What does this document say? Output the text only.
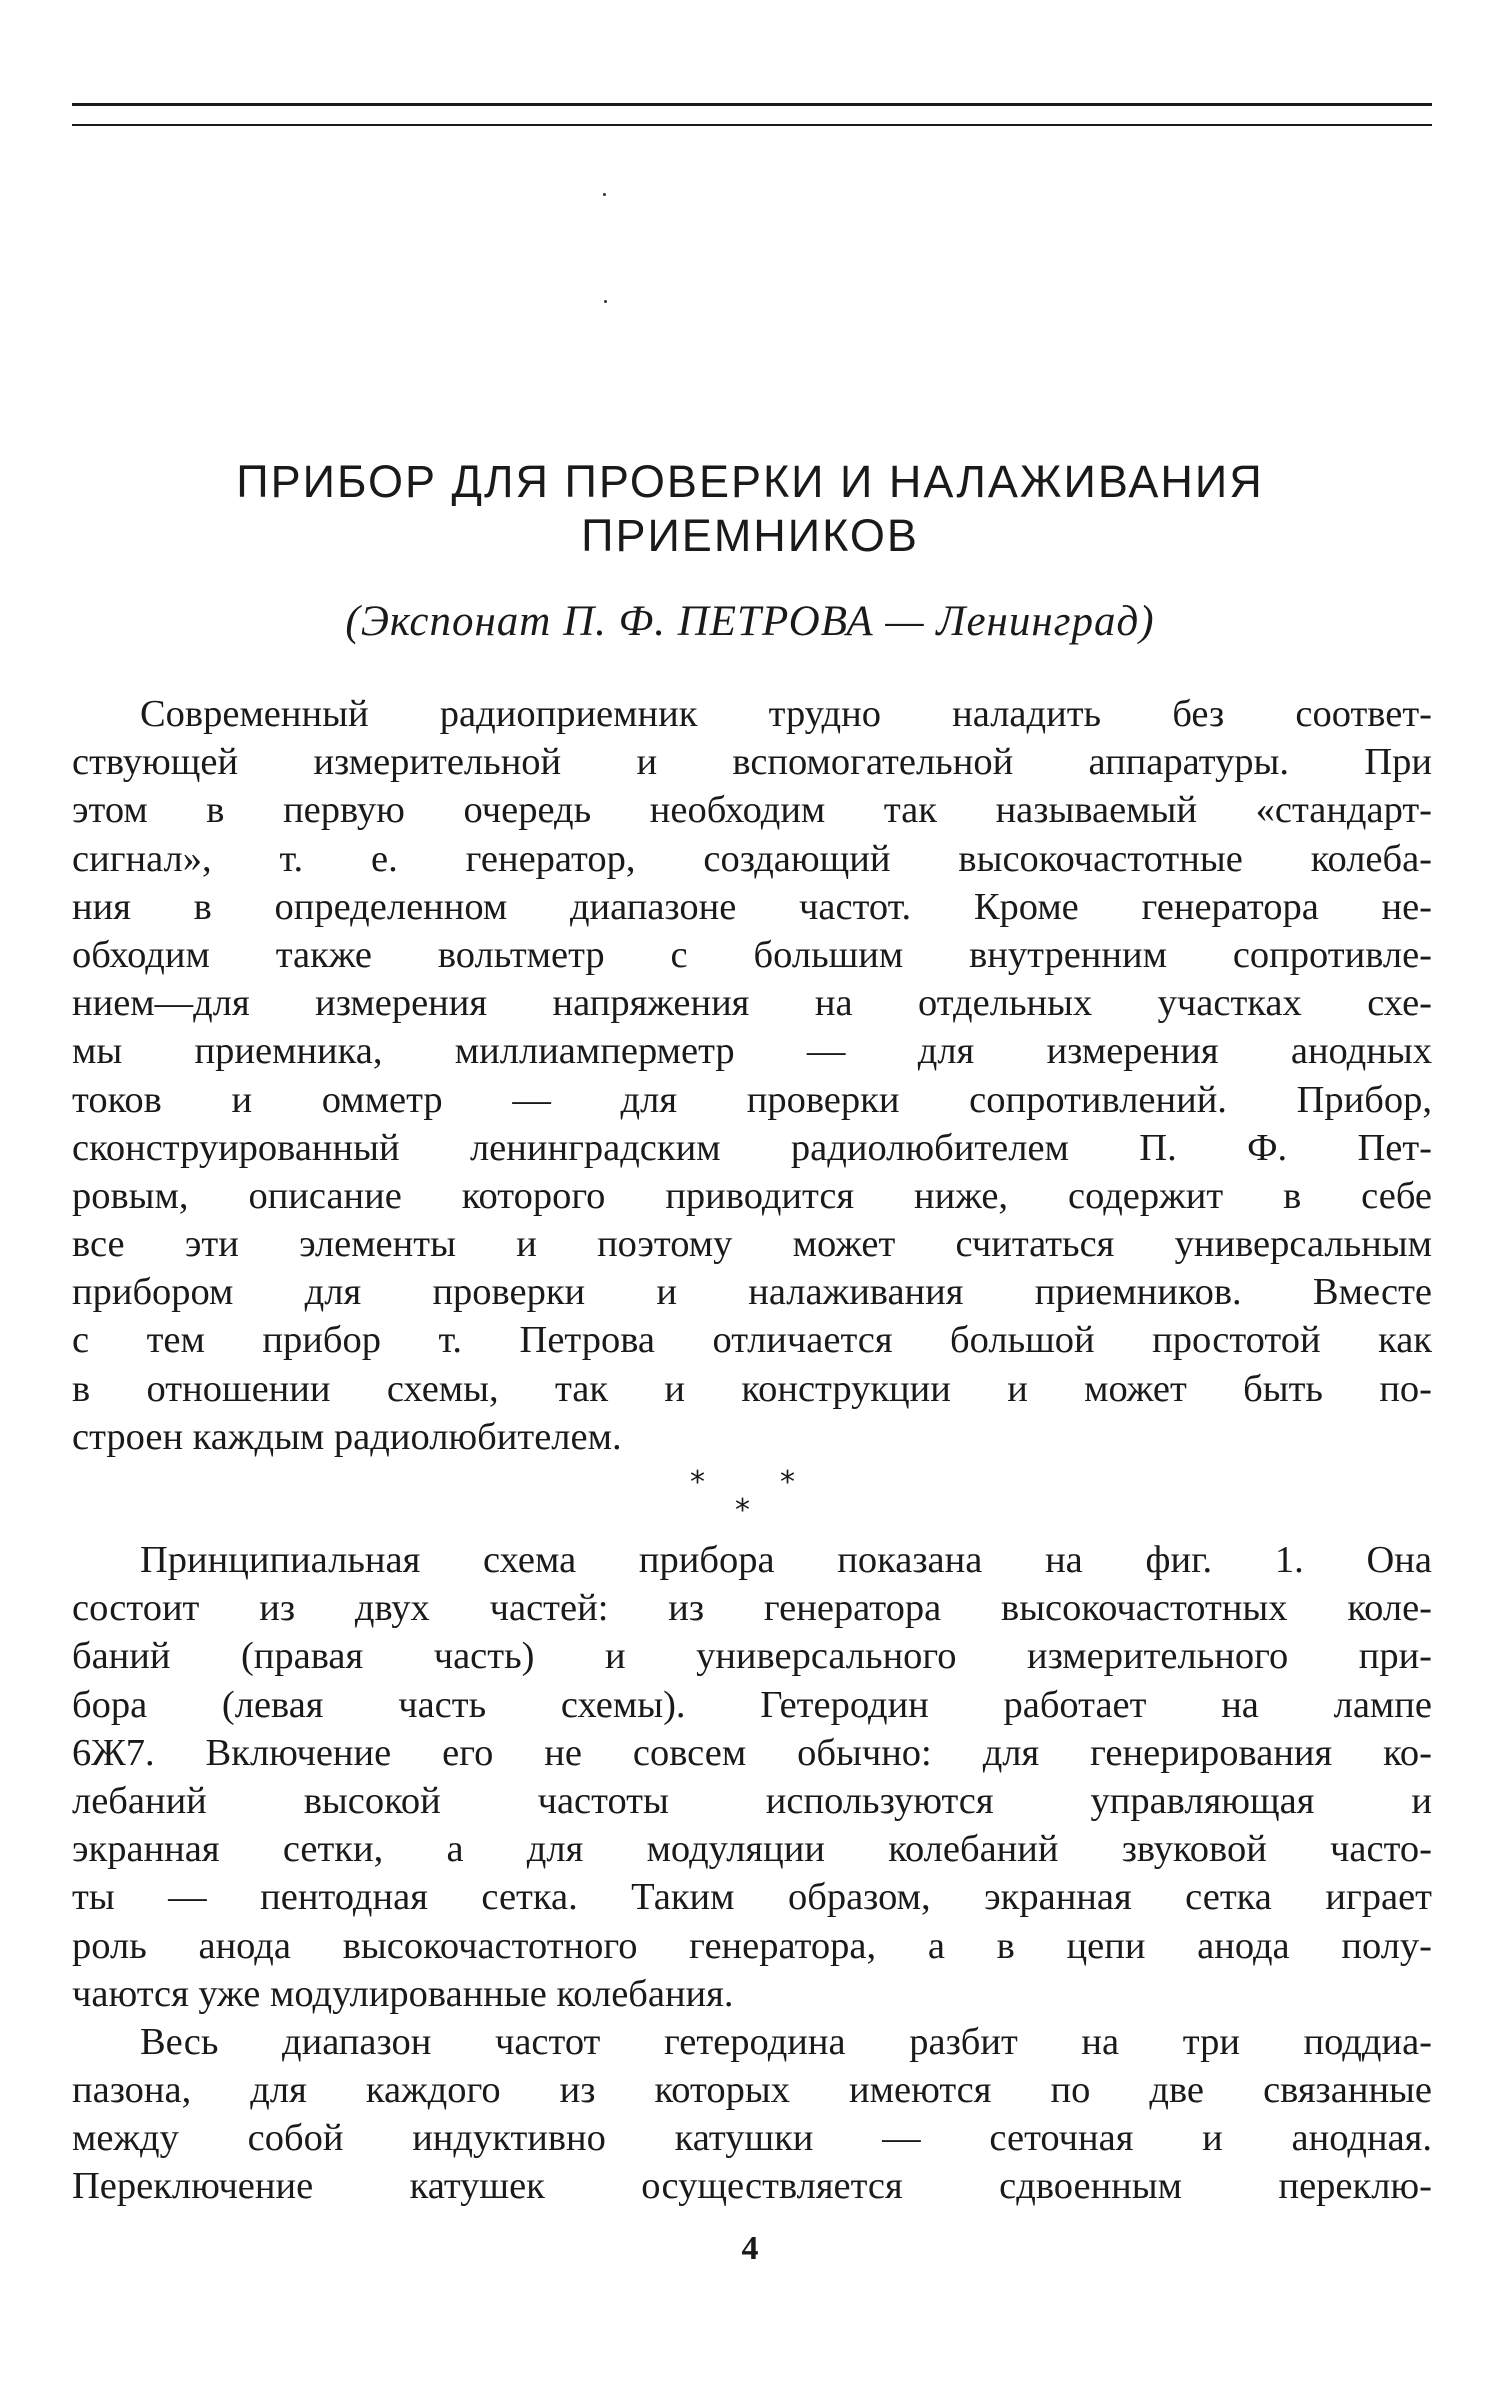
ПРИБОР ДЛЯ ПРОВЕРКИ И НАЛАЖИВАНИЯ
ПРИЕМНИКОВ

(Экспонат П. Ф. ПЕТРОВА — Ленинград)

Современный радиоприемник трудно наладить без соответ-
ствующей измерительной и вспомогательной аппаратуры. При
этом в первую очередь необходим так называемый «стандарт-
сигнал», т. е. генератор, создающий высокочастотные колеба-
ния в определенном диапазоне частот. Кроме генератора не-
обходим также вольтметр с большим внутренним сопротивле-
нием—для измерения напряжения на отдельных участках схе-
мы приемника, миллиамперметр — для измерения анодных
токов и омметр — для проверки сопротивлений. Прибор,
сконструированный ленинградским радиолюбителем П. Ф. Пет-
ровым, описание которого приводится ниже, содержит в себе
все эти элементы и поэтому может считаться универсальным
прибором для проверки и налаживания приемников. Вместе
с тем прибор т. Петрова отличается большой простотой как
в отношении схемы, так и конструкции и может быть по-
строен каждым радиолюбителем.
*	*
*
Принципиальная схема прибора показана на фиг. 1. Она
состоит из двух частей: из генератора высокочастотных коле-
баний (правая часть) и универсального измерительного при-
бора (левая часть схемы). Гетеродин работает на лампе
6Ж7. Включение его не совсем обычно: для генерирования ко-
лебаний высокой частоты используются управляющая и
экранная сетки, а для модуляции колебаний звуковой часто-
ты — пентодная сетка. Таким образом, экранная сетка играет
роль анода высокочастотного генератора, а в цепи анода полу-
чаются уже модулированные колебания.
Весь диапазон частот гетеродина разбит на три поддиа-
пазона, для каждого из которых имеются по две связанные
между собой индуктивно катушки — сеточная и анодная.
Переключение катушек осуществляется сдвоенным переклю-
4
